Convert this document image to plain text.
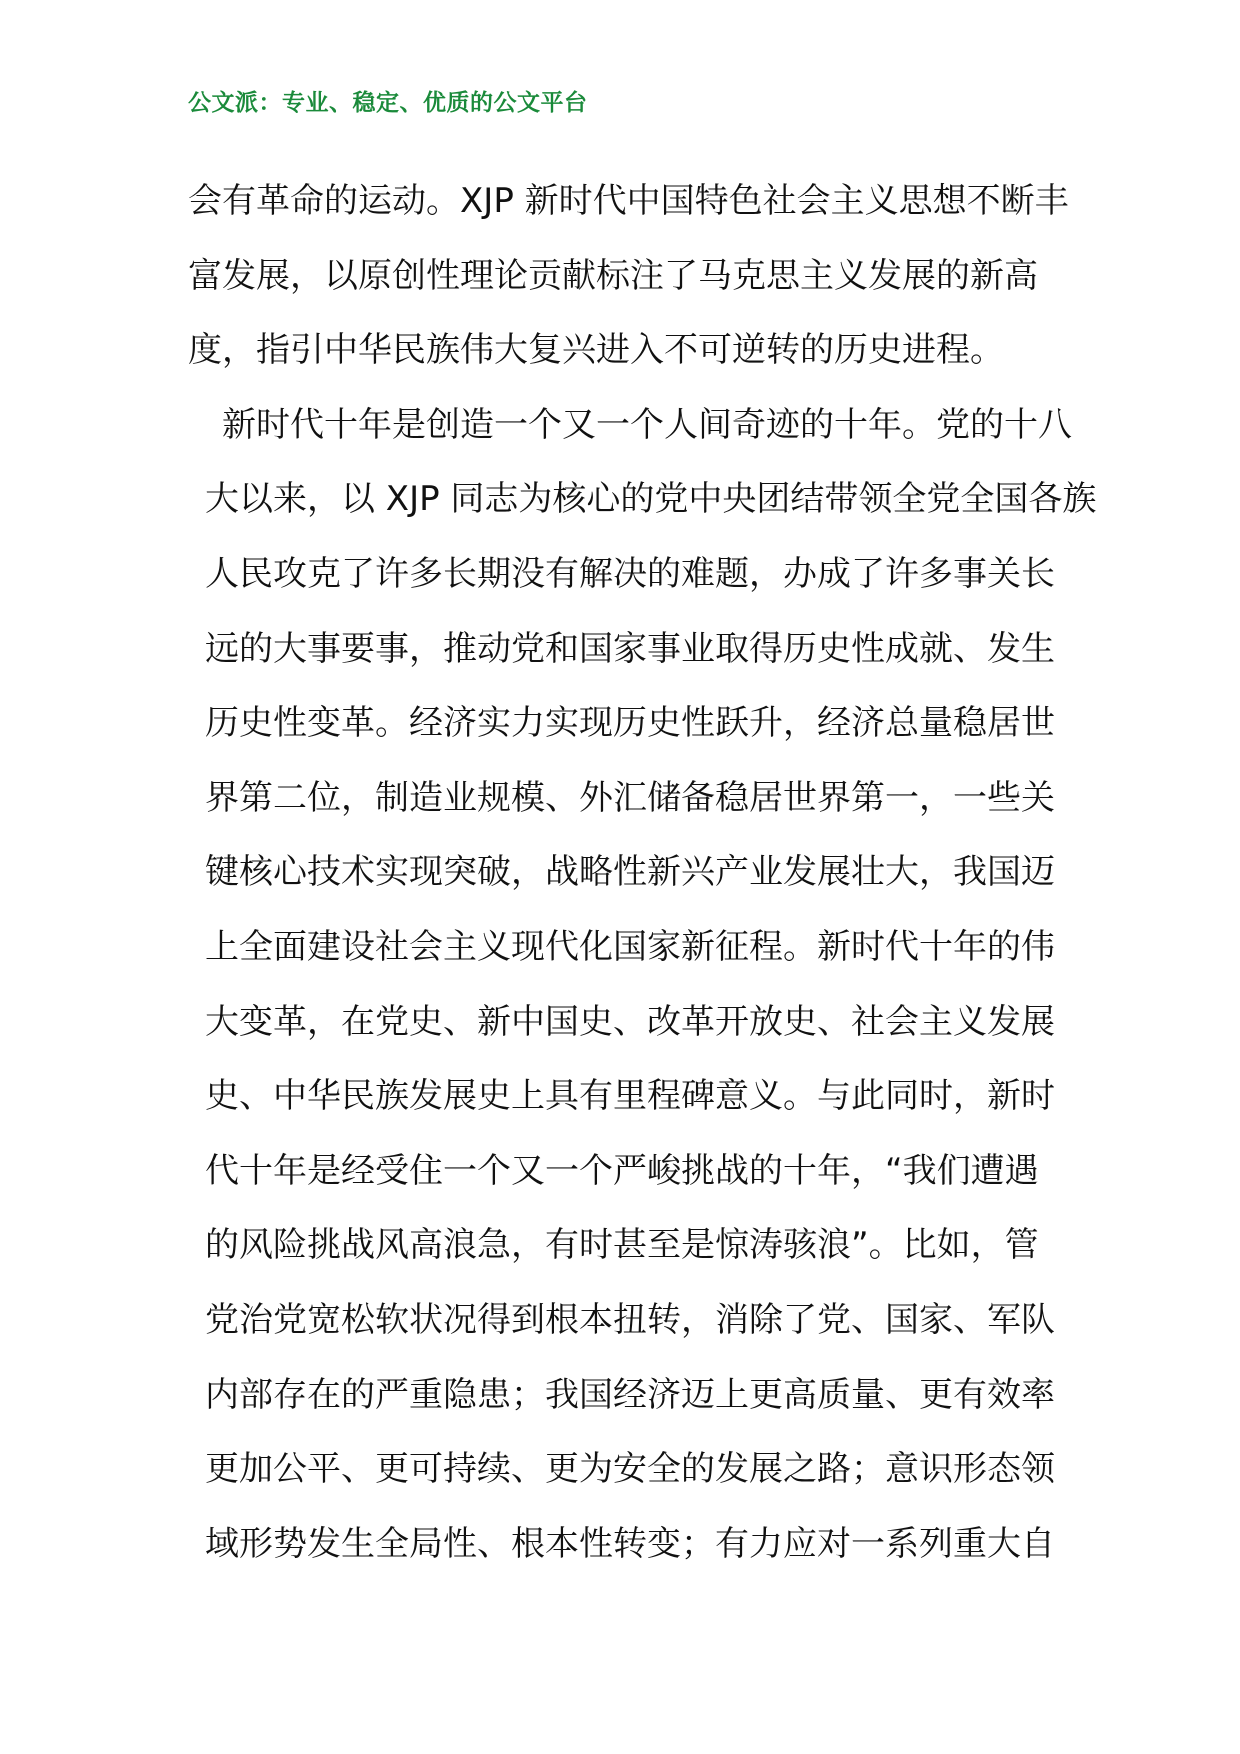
公文派：专业、稳定、优质的公文平台
会有革命的运动。XJP 新时代中国特色社会主义思想不断丰
富发展，以原创性理论贡献标注了马克思主义发展的新高
度，指引中华民族伟大复兴进入不可逆转的历史进程。
新时代十年是创造一个又一个人间奇迹的十年。党的十八
大以来，以 XJP 同志为核心的党中央团结带领全党全国各族
人民攻克了许多长期没有解决的难题，办成了许多事关长
远的大事要事，推动党和国家事业取得历史性成就、发生
历史性变革。经济实力实现历史性跃升，经济总量稳居世
界第二位，制造业规模、外汇储备稳居世界第一，一些关
键核心技术实现突破，战略性新兴产业发展壮大，我国迈
上全面建设社会主义现代化国家新征程。新时代十年的伟
大变革，在党史、新中国史、改革开放史、社会主义发展
史、中华民族发展史上具有里程碑意义。与此同时，新时
代十年是经受住一个又一个严峻挑战的十年，“我们遭遇
的风险挑战风高浪急，有时甚至是惊涛骇浪”。比如，管
党治党宽松软状况得到根本扭转，消除了党、国家、军队
内部存在的严重隐患；我国经济迈上更高质量、更有效率
更加公平、更可持续、更为安全的发展之路；意识形态领
域形势发生全局性、根本性转变；有力应对一系列重大自
